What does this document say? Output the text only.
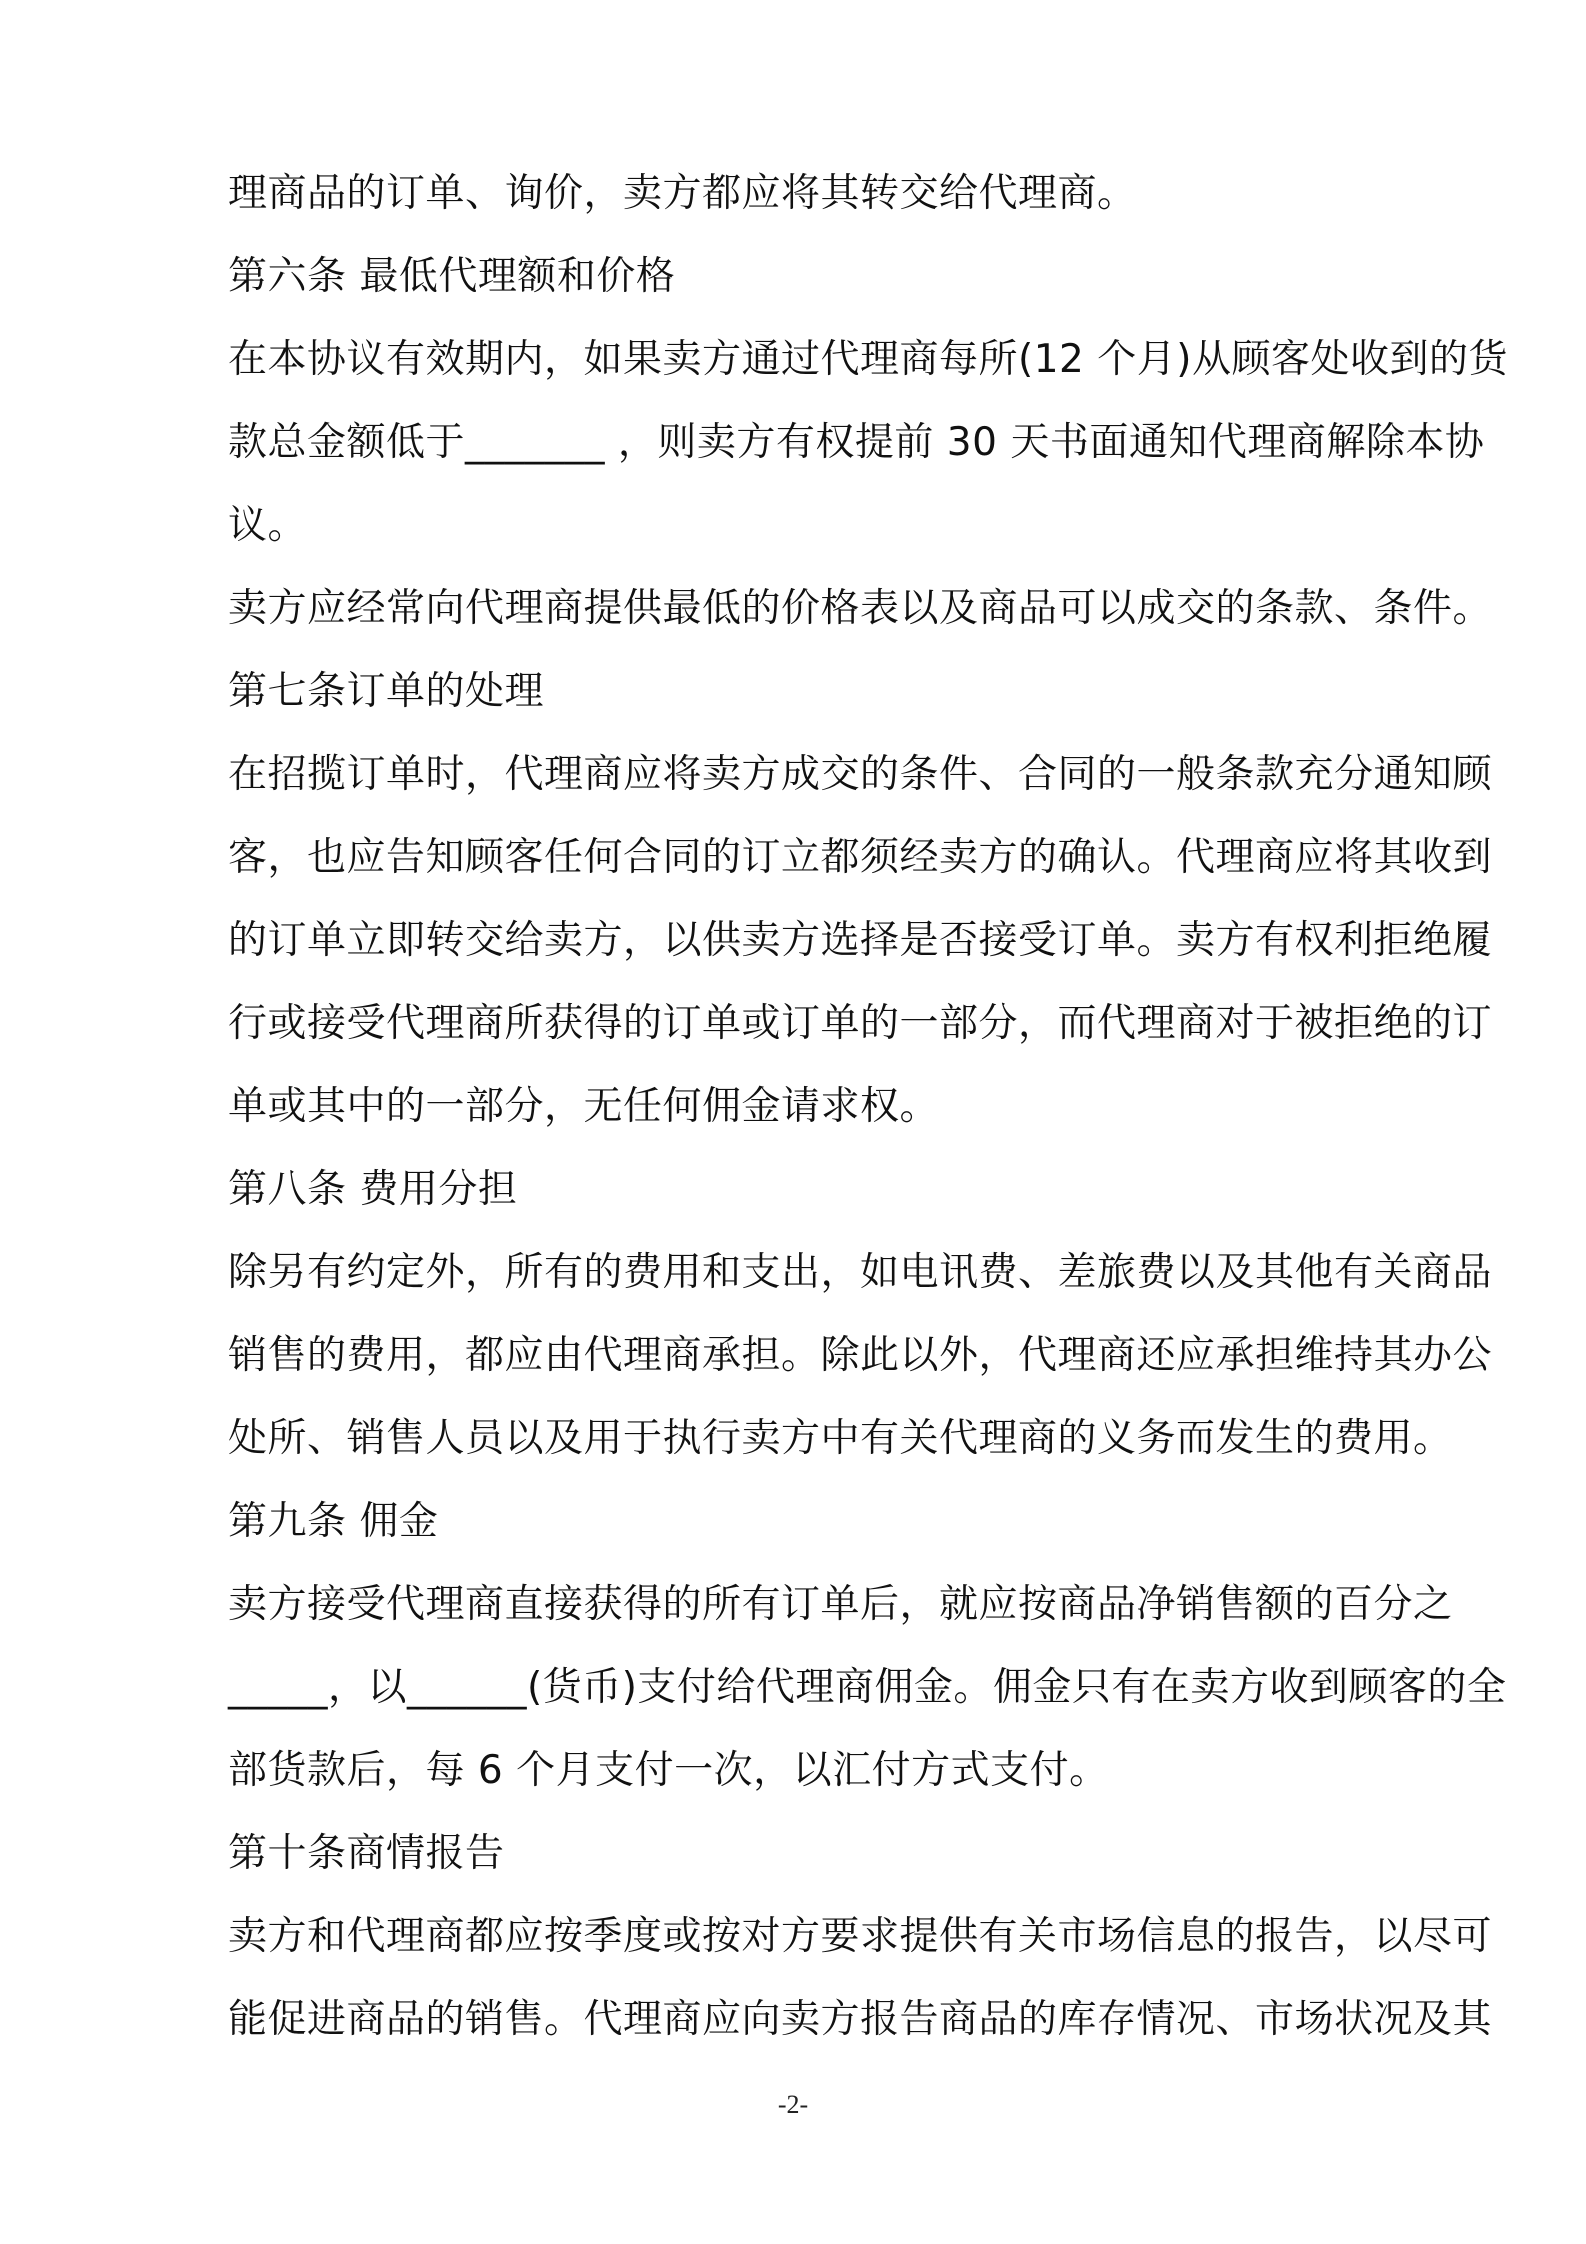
理商品的订单、询价，卖方都应将其转交给代理商。
第六条 最低代理额和价格
在本协议有效期内，如果卖方通过代理商每所(12 个月)从顾客处收到的货
款总金额低于_______ ，则卖方有权提前 30 天书面通知代理商解除本协
议。
卖方应经常向代理商提供最低的价格表以及商品可以成交的条款、条件。
第七条订单的处理
在招揽订单时，代理商应将卖方成交的条件、合同的一般条款充分通知顾
客，也应告知顾客任何合同的订立都须经卖方的确认。代理商应将其收到
的订单立即转交给卖方，以供卖方选择是否接受订单。卖方有权利拒绝履
行或接受代理商所获得的订单或订单的一部分，而代理商对于被拒绝的订
单或其中的一部分，无任何佣金请求权。
第八条 费用分担
除另有约定外，所有的费用和支出，如电讯费、差旅费以及其他有关商品
销售的费用，都应由代理商承担。除此以外，代理商还应承担维持其办公
处所、销售人员以及用于执行卖方中有关代理商的义务而发生的费用。
第九条 佣金
卖方接受代理商直接获得的所有订单后，就应按商品净销售额的百分之
_____，以______(货币)支付给代理商佣金。佣金只有在卖方收到顾客的全
部货款后，每 6 个月支付一次，以汇付方式支付。
第十条商情报告
卖方和代理商都应按季度或按对方要求提供有关市场信息的报告，以尽可
能促进商品的销售。代理商应向卖方报告商品的库存情况、市场状况及其
-2-
